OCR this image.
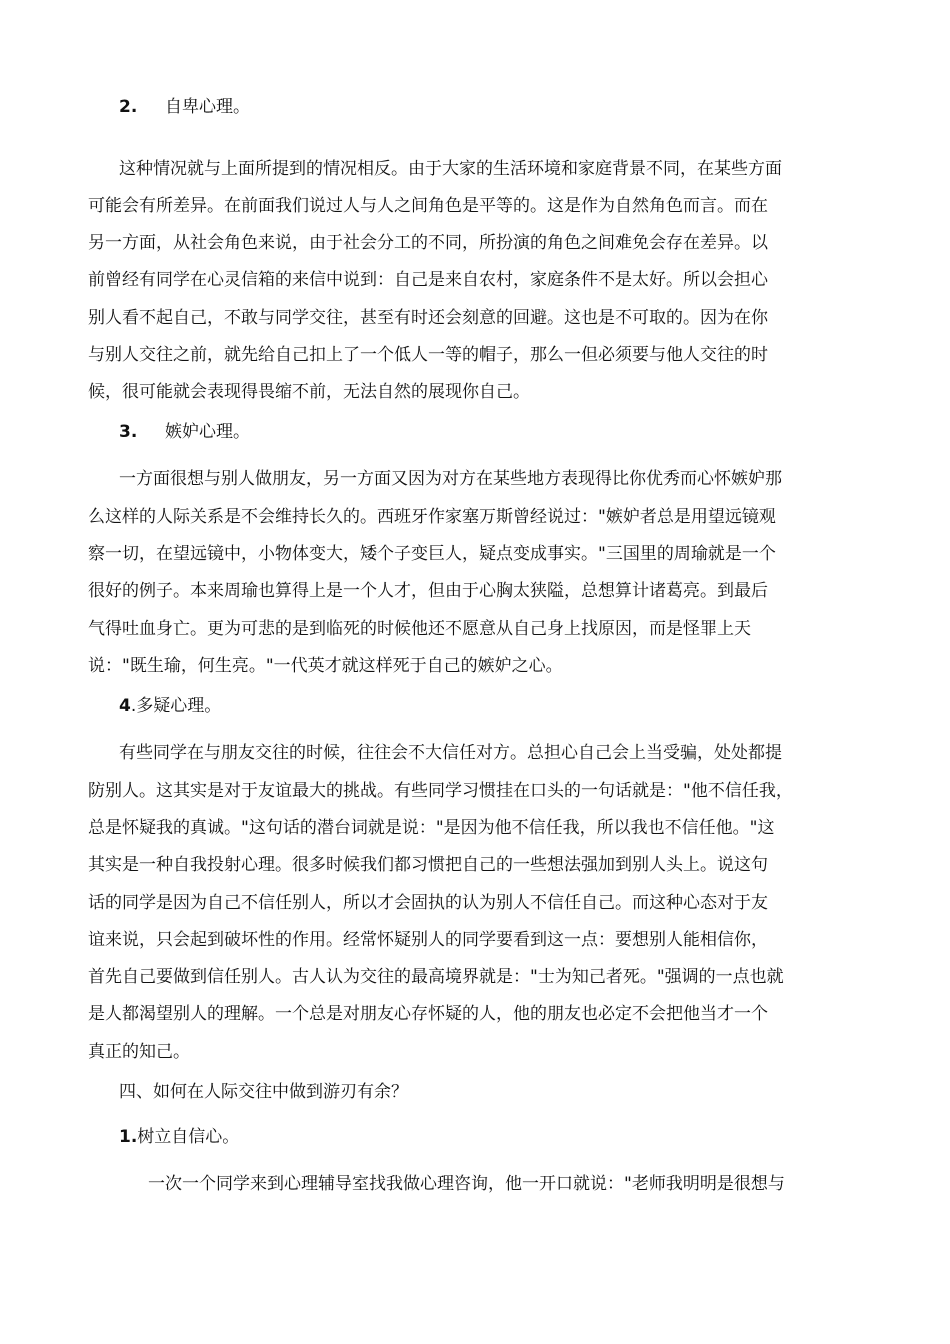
2. 自卑心理。
这种情况就与上面所提到的情况相反。由于大家的生活环境和家庭背景不同，在某些方面
可能会有所差异。在前面我们说过人与人之间角色是平等的。这是作为自然角色而言。而在
另一方面，从社会角色来说，由于社会分工的不同，所扮演的角色之间难免会存在差异。以
前曾经有同学在心灵信箱的来信中说到：自己是来自农村，家庭条件不是太好。所以会担心
别人看不起自己，不敢与同学交往，甚至有时还会刻意的回避。这也是不可取的。因为在你
与别人交往之前，就先给自己扣上了一个低人一等的帽子，那么一但必须要与他人交往的时
候，很可能就会表现得畏缩不前，无法自然的展现你自己。
3. 嫉妒心理。
一方面很想与别人做朋友，另一方面又因为对方在某些地方表现得比你优秀而心怀嫉妒那
么这样的人际关系是不会维持长久的。西班牙作家塞万斯曾经说过："嫉妒者总是用望远镜观
察一切，在望远镜中，小物体变大，矮个子变巨人，疑点变成事实。"三国里的周瑜就是一个
很好的例子。本来周瑜也算得上是一个人才，但由于心胸太狭隘，总想算计诸葛亮。到最后
气得吐血身亡。更为可悲的是到临死的时候他还不愿意从自己身上找原因，而是怪罪上天
说："既生瑜，何生亮。"一代英才就这样死于自己的嫉妒之心。
4.多疑心理。
有些同学在与朋友交往的时候，往往会不大信任对方。总担心自己会上当受骗，处处都提
防别人。这其实是对于友谊最大的挑战。有些同学习惯挂在口头的一句话就是："他不信任我，
总是怀疑我的真诚。"这句话的潜台词就是说："是因为他不信任我，所以我也不信任他。"这
其实是一种自我投射心理。很多时候我们都习惯把自己的一些想法强加到别人头上。说这句
话的同学是因为自己不信任别人，所以才会固执的认为别人不信任自己。而这种心态对于友
谊来说，只会起到破坏性的作用。经常怀疑别人的同学要看到这一点：要想别人能相信你，
首先自己要做到信任别人。古人认为交往的最高境界就是："士为知己者死。"强调的一点也就
是人都渴望别人的理解。一个总是对朋友心存怀疑的人，他的朋友也必定不会把他当才一个
真正的知己。
四、如何在人际交往中做到游刃有余？
1.树立自信心。
一次一个同学来到心理辅导室找我做心理咨询，他一开口就说："老师我明明是很想与
